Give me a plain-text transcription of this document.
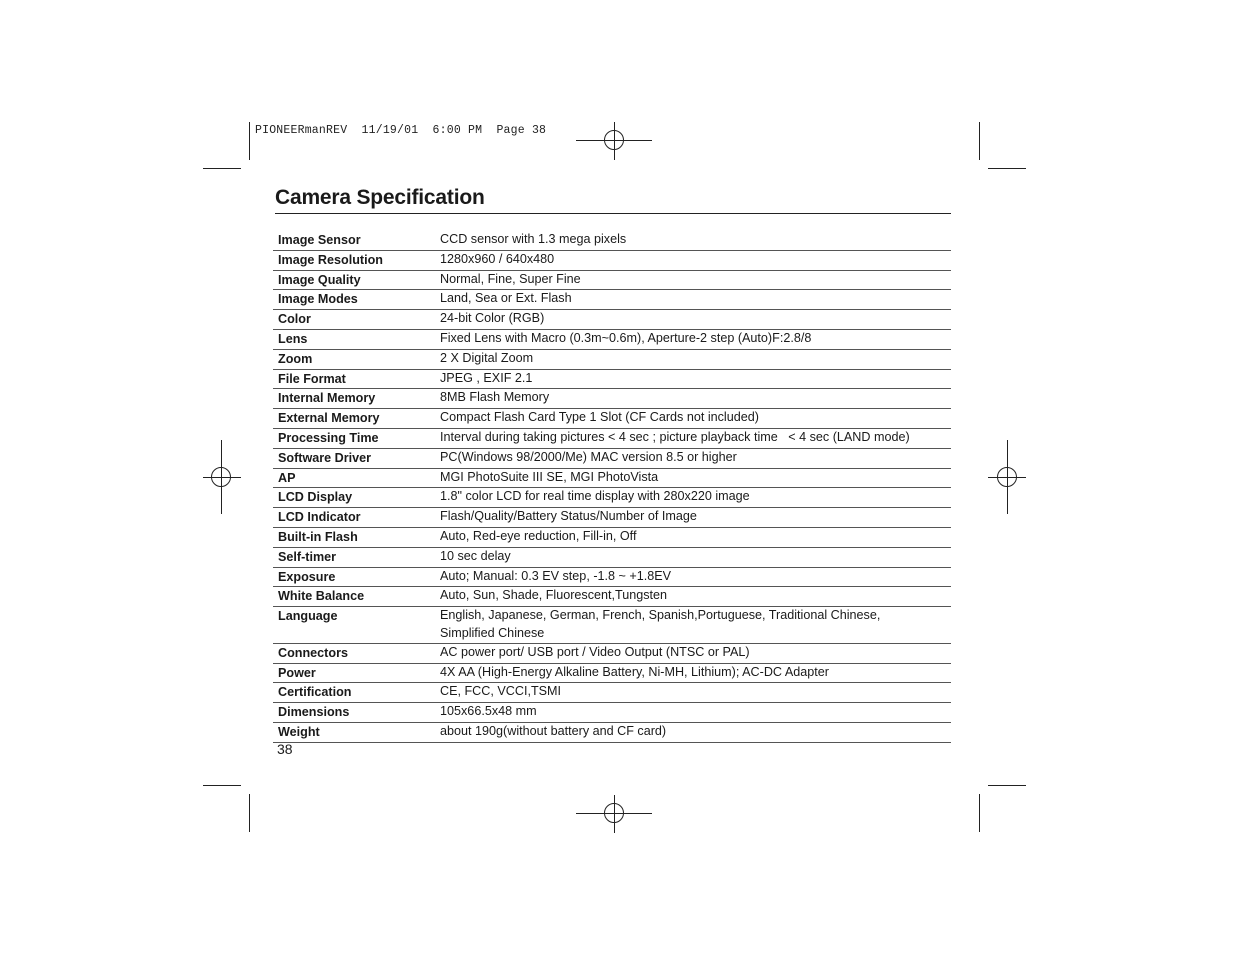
PIONEERmanREV  11/19/01  6:00 PM  Page 38
Camera Specification
Image Sensor	CCD sensor with 1.3 mega pixels
Image Resolution	1280x960 / 640x480
Image Quality	Normal, Fine, Super Fine
Image Modes	Land, Sea or Ext. Flash
Color	24-bit Color (RGB)
Lens	Fixed Lens with Macro (0.3m~0.6m), Aperture-2 step (Auto)F:2.8/8
Zoom	2 X Digital Zoom
File Format	JPEG , EXIF 2.1
Internal Memory	8MB Flash Memory
External Memory	Compact Flash Card Type 1 Slot (CF Cards not included)
Processing Time	Interval during taking pictures < 4 sec ; picture playback time   < 4 sec (LAND mode)
Software Driver	PC(Windows 98/2000/Me) MAC version 8.5 or higher
AP	MGI PhotoSuite III SE, MGI PhotoVista
LCD Display	1.8" color LCD for real time display with 280x220 image
LCD Indicator	Flash/Quality/Battery Status/Number of Image
Built-in Flash	Auto, Red-eye reduction, Fill-in, Off
Self-timer	10 sec delay
Exposure	Auto; Manual: 0.3 EV step, -1.8 ~ +1.8EV
White Balance	Auto, Sun, Shade, Fluorescent,Tungsten
Language	English, Japanese, German, French, Spanish,Portuguese, Traditional Chinese,
Simplified Chinese
Connectors	AC power port/ USB port / Video Output (NTSC or PAL)
Power	4X AA (High-Energy Alkaline Battery, Ni-MH, Lithium); AC-DC Adapter
Certification	CE, FCC, VCCI,TSMI
Dimensions	105x66.5x48 mm
Weight	about 190g(without battery and CF card)
38
